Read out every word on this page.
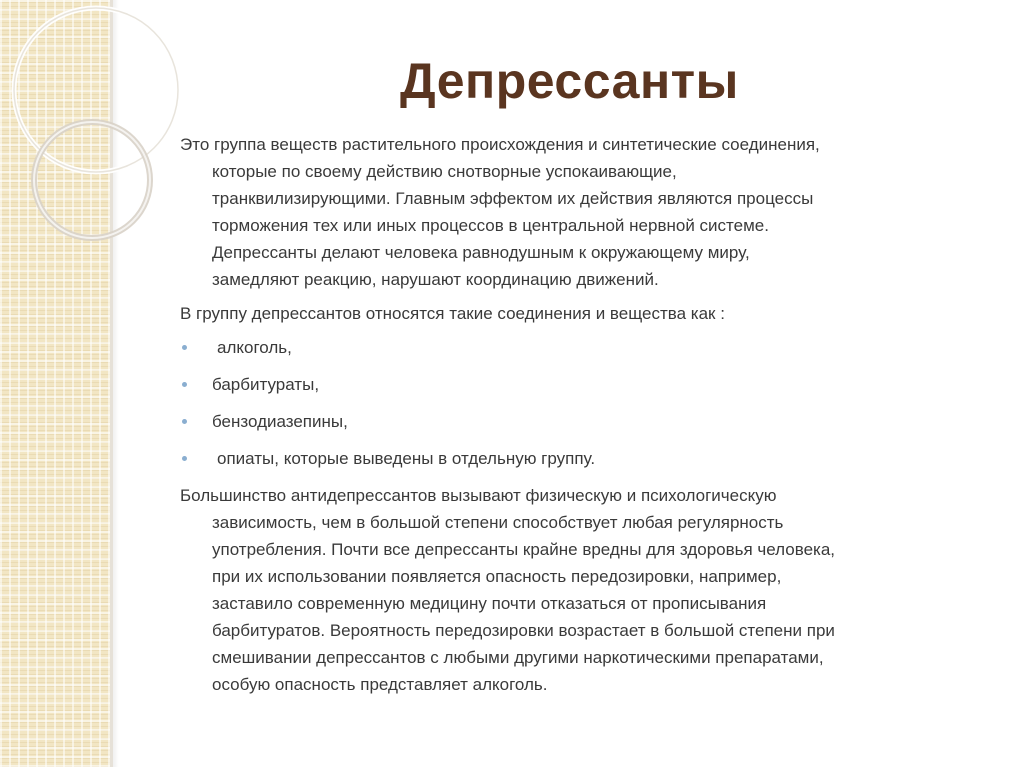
Депрессанты

Это группа веществ растительного происхождения и синтетические соединения,
которые по своему действию снотворные успокаивающие,
транквилизирующими. Главным эффектом их действия являются процессы
торможения тех или иных процессов в центральной нервной системе.
Депрессанты делают человека равнодушным к окружающему миру,
замедляют реакцию, нарушают координацию движений.

В группу депрессантов относятся такие соединения и вещества как :

алкоголь,
барбитураты,
бензодиазепины,
опиаты, которые выведены в отдельную группу.

Большинство антидепрессантов вызывают физическую и психологическую
зависимость, чем в большой степени способствует любая регулярность
употребления. Почти все депрессанты крайне вредны для здоровья человека,
при их использовании появляется опасность передозировки, например,
заставило современную медицину почти отказаться от прописывания
барбитуратов. Вероятность передозировки возрастает в большой степени при
смешивании депрессантов с любыми другими наркотическими препаратами,
особую опасность представляет алкоголь.
